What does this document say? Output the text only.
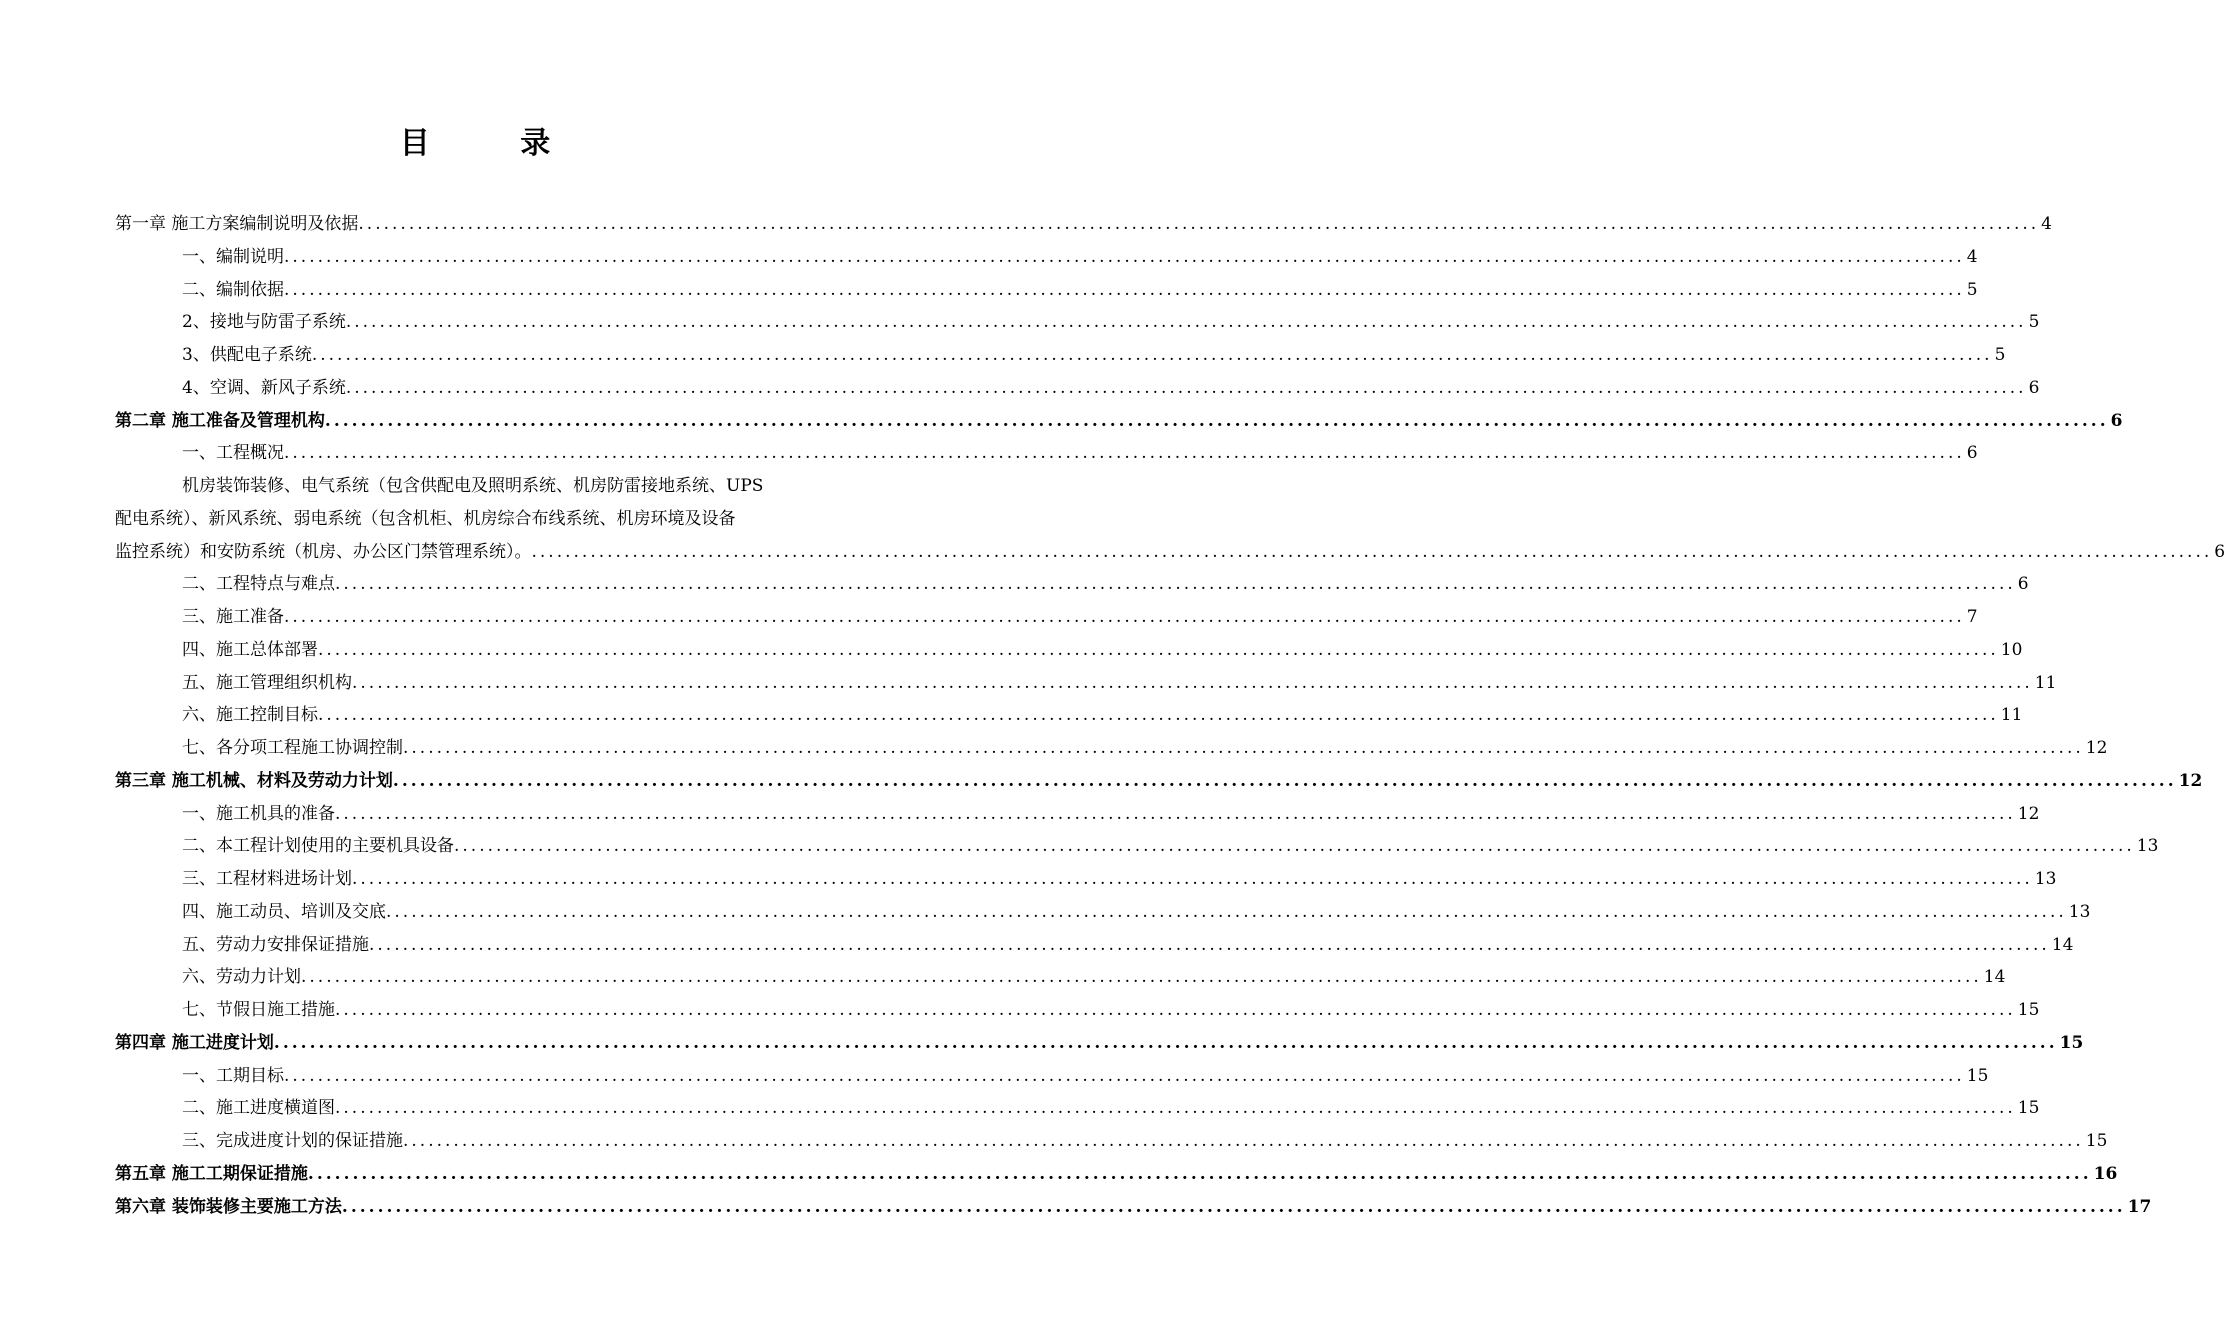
目 录
第一章 施工方案编制说明及依据 ........................................................................................................................................................................................................ 4
一、编制说明 ........................................................................................................................................................................................................ 4
二、编制依据 ........................................................................................................................................................................................................ 5
2、接地与防雷子系统 ........................................................................................................................................................................................................ 5
3、供配电子系统 ........................................................................................................................................................................................................ 5
4、空调、新风子系统 ........................................................................................................................................................................................................ 6
第二章 施工准备及管理机构 ........................................................................................................................................................................................................ 6
一、工程概况 ........................................................................................................................................................................................................ 6
机房装饰装修、电气系统（包含供配电及照明系统、机房防雷接地系统、UPS
配电系统）、新风系统、弱电系统（包含机柜、机房综合布线系统、机房环境及设备
监控系统）和安防系统（机房、办公区门禁管理系统）。 ........................................................................................................................................................................................................ 6
二、工程特点与难点 ........................................................................................................................................................................................................ 6
三、施工准备 ........................................................................................................................................................................................................ 7
四、施工总体部署 ........................................................................................................................................................................................................ 10
五、施工管理组织机构 ........................................................................................................................................................................................................ 11
六、施工控制目标 ........................................................................................................................................................................................................ 11
七、各分项工程施工协调控制 ........................................................................................................................................................................................................ 12
第三章 施工机械、材料及劳动力计划 ........................................................................................................................................................................................................ 12
一、施工机具的准备 ........................................................................................................................................................................................................ 12
二、本工程计划使用的主要机具设备 ........................................................................................................................................................................................................ 13
三、工程材料进场计划 ........................................................................................................................................................................................................ 13
四、施工动员、培训及交底 ........................................................................................................................................................................................................ 13
五、劳动力安排保证措施 ........................................................................................................................................................................................................ 14
六、劳动力计划 ........................................................................................................................................................................................................ 14
七、节假日施工措施 ........................................................................................................................................................................................................ 15
第四章 施工进度计划 ........................................................................................................................................................................................................ 15
一、工期目标 ........................................................................................................................................................................................................ 15
二、施工进度横道图 ........................................................................................................................................................................................................ 15
三、完成进度计划的保证措施 ........................................................................................................................................................................................................ 15
第五章 施工工期保证措施 ........................................................................................................................................................................................................ 16
第六章 装饰装修主要施工方法 ........................................................................................................................................................................................................ 17
